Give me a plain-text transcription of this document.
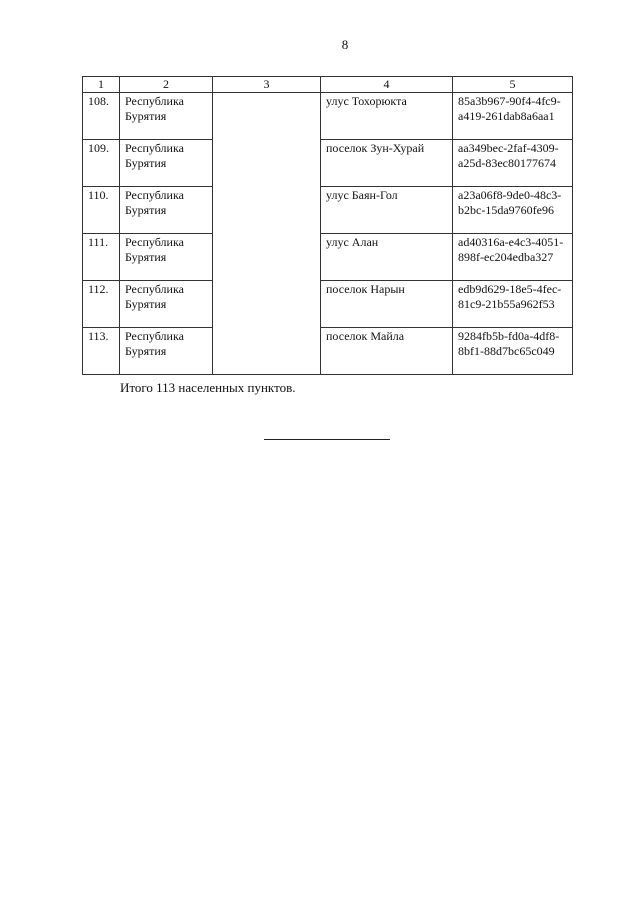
8
1	2	3	4	5
108.	Республика Бурятия		улус Тохорюкта	85a3b967-90f4-4fc9-a419-261dab8a6aa1
109.	Республика Бурятия		поселок Зун-Хурай	aa349bec-2faf-4309-a25d-83ec80177674
110.	Республика Бурятия		улус Баян-Гол	a23a06f8-9de0-48c3-b2bc-15da9760fe96
111.	Республика Бурятия		улус Алан	ad40316a-e4c3-4051-898f-ec204edba327
112.	Республика Бурятия		поселок Нарын	edb9d629-18e5-4fec-81c9-21b55a962f53
113.	Республика Бурятия		поселок Майла	9284fb5b-fd0a-4df8-8bf1-88d7bc65c049
Итого 113 населенных пунктов.
